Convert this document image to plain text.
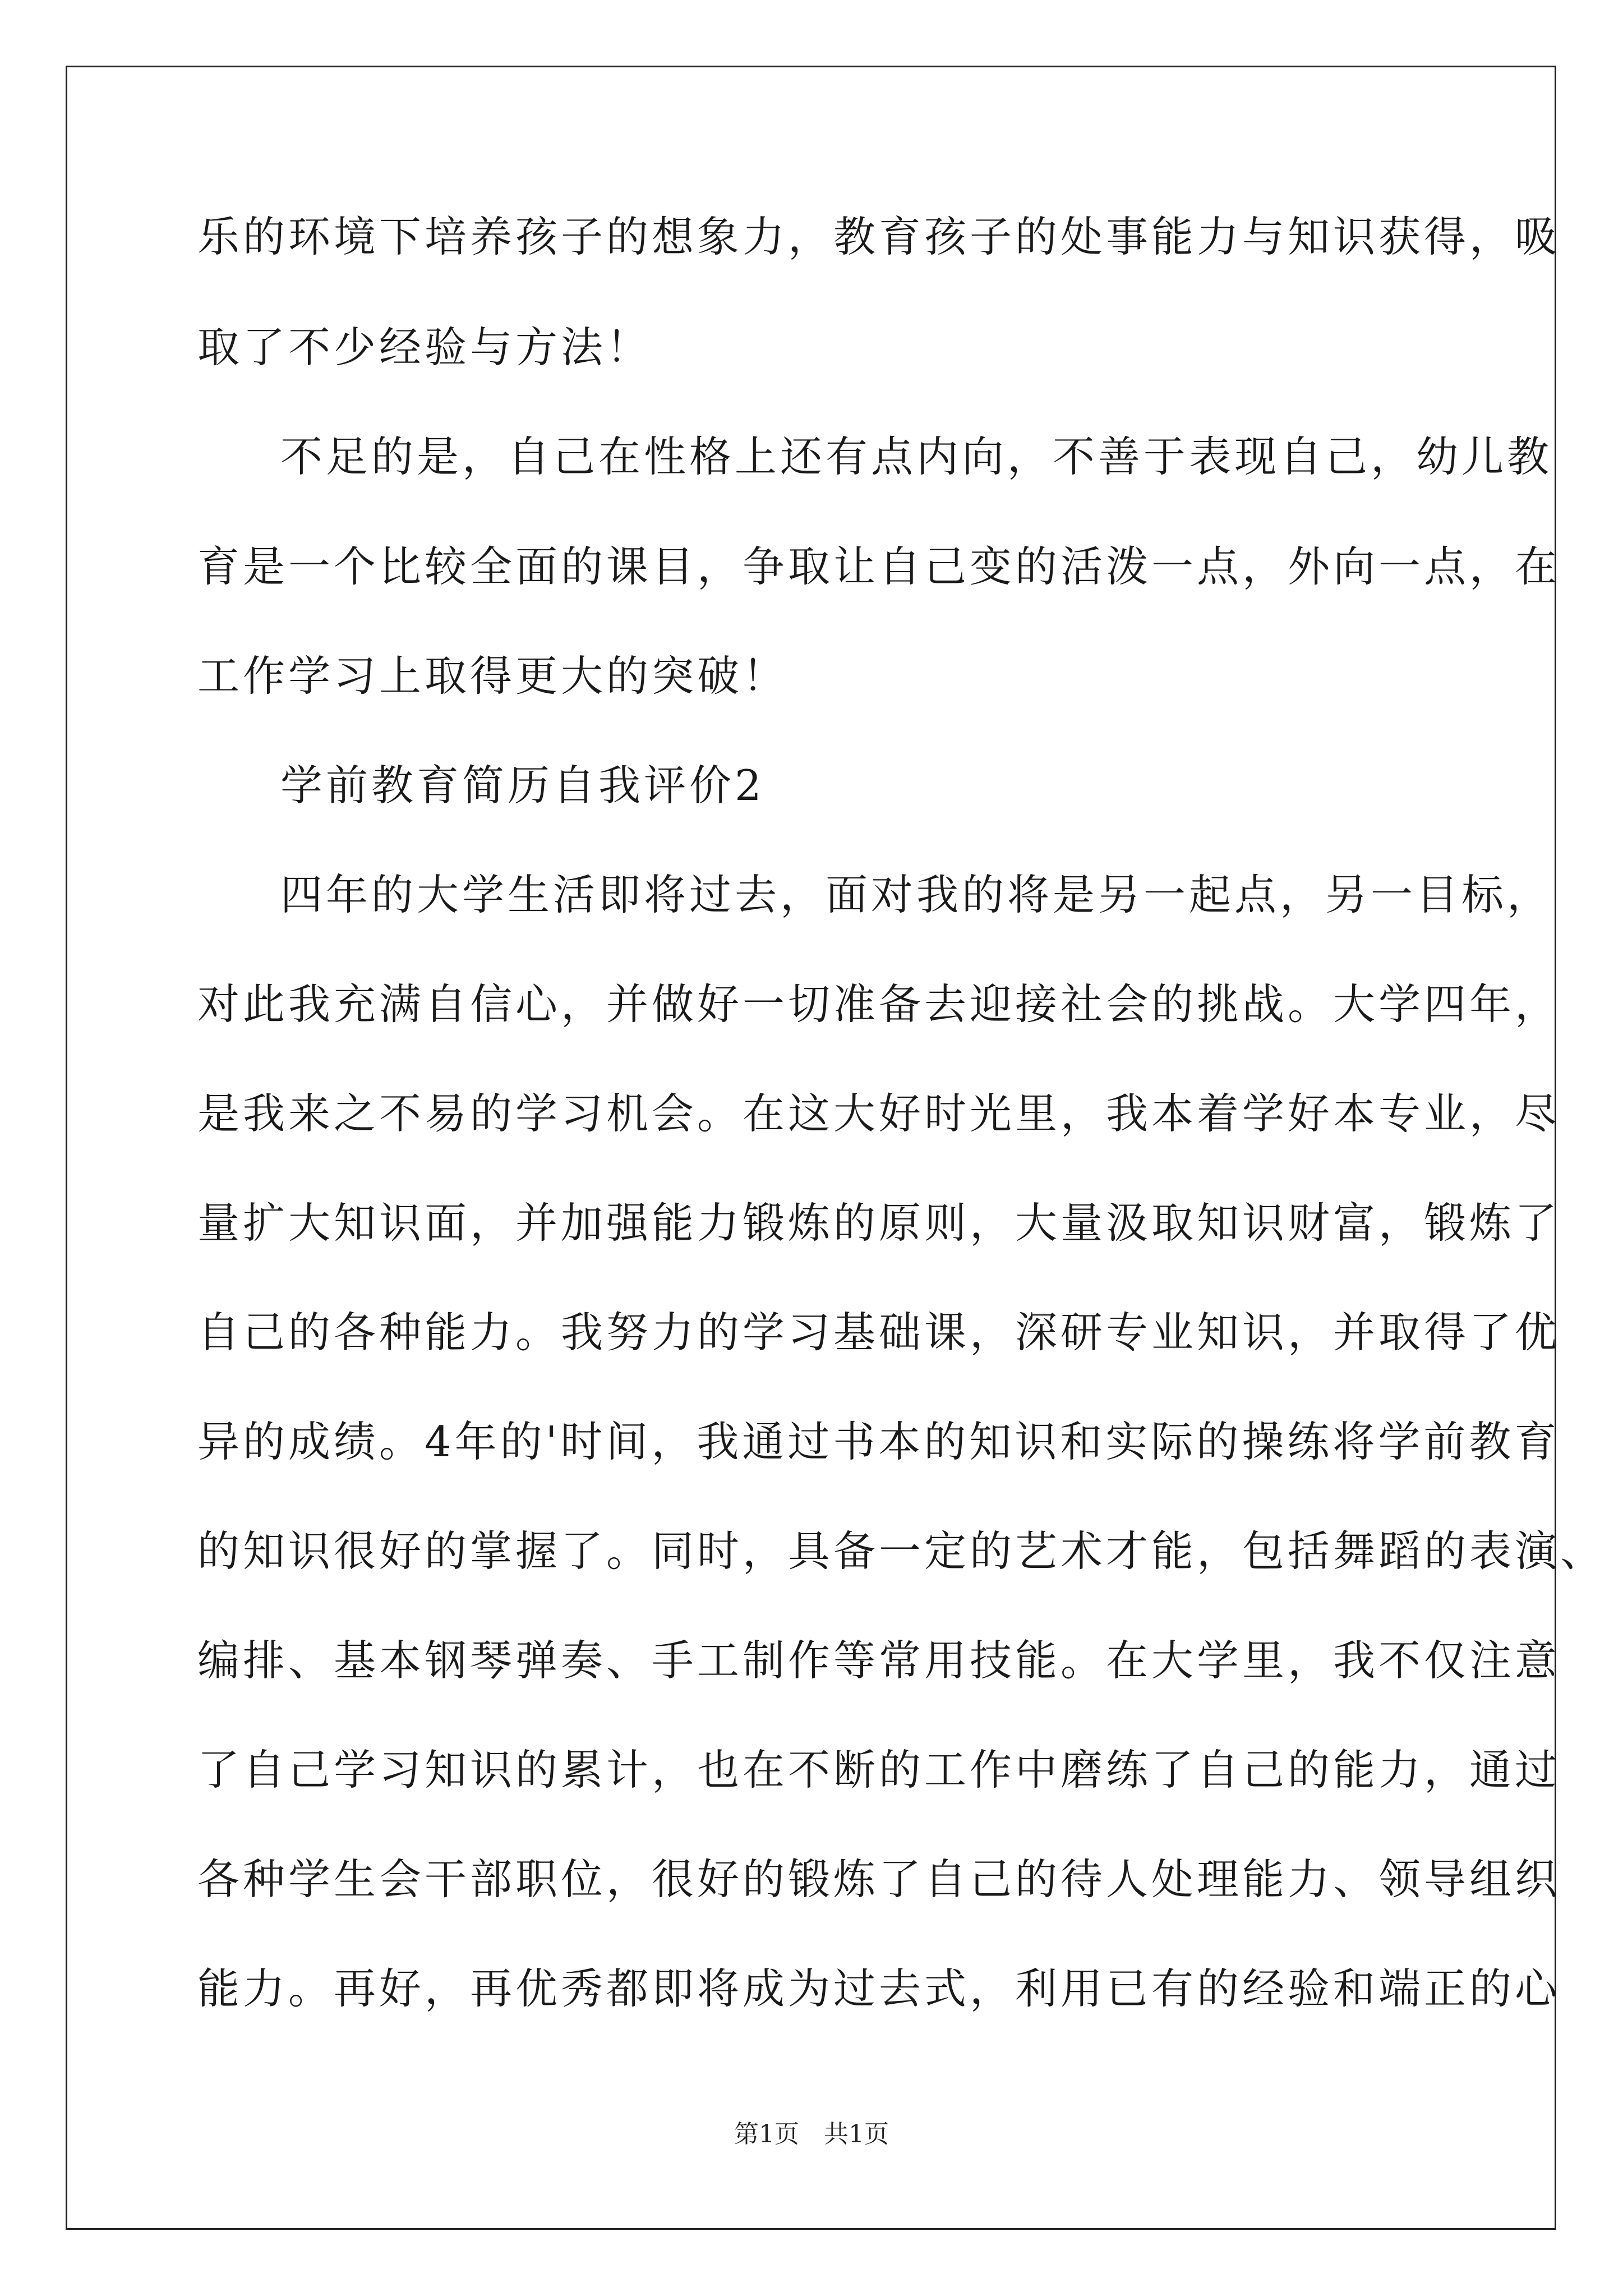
乐的环境下培养孩子的想象力，教育孩子的处事能力与知识获得，吸
取了不少经验与方法！
不足的是，自己在性格上还有点内向，不善于表现自己，幼儿教
育是一个比较全面的课目，争取让自己变的活泼一点，外向一点，在
工作学习上取得更大的突破！
学前教育简历自我评价2
四年的大学生活即将过去，面对我的将是另一起点，另一目标，
对此我充满自信心，并做好一切准备去迎接社会的挑战。大学四年，
是我来之不易的学习机会。在这大好时光里，我本着学好本专业，尽
量扩大知识面，并加强能力锻炼的原则，大量汲取知识财富，锻炼了
自己的各种能力。我努力的学习基础课，深研专业知识，并取得了优
异的成绩。4年的'时间，我通过书本的知识和实际的操练将学前教育
的知识很好的掌握了。同时，具备一定的艺术才能，包括舞蹈的表演、
编排、基本钢琴弹奏、手工制作等常用技能。在大学里，我不仅注意
了自己学习知识的累计，也在不断的工作中磨练了自己的能力，通过
各种学生会干部职位，很好的锻炼了自己的待人处理能力、领导组织
能力。再好，再优秀都即将成为过去式，利用已有的经验和端正的心
第1页　共1页
